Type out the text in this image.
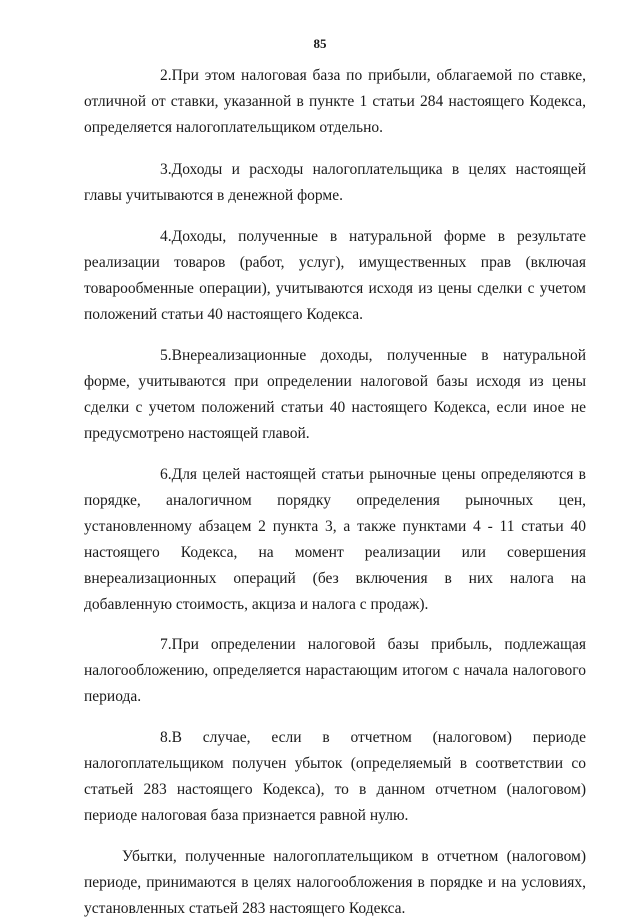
85

2.При этом налоговая база по прибыли, облагаемой по ставке, отличной от ставки, указанной в пункте 1 статьи 284 настоящего Кодекса, определяется налогоплательщиком отдельно.

3.Доходы и расходы налогоплательщика в целях настоящей главы учитываются в денежной форме.

4.Доходы, полученные в натуральной форме в результате реализации товаров (работ, услуг), имущественных прав (включая товарообменные операции), учитываются исходя из цены сделки с учетом положений статьи 40 настоящего Кодекса.

5.Внереализационные доходы, полученные в натуральной форме, учитываются при определении налоговой базы исходя из цены сделки с учетом положений статьи 40 настоящего Кодекса, если иное не предусмотрено настоящей главой.

6.Для целей настоящей статьи рыночные цены определяются в порядке, аналогичном порядку определения рыночных цен, установленному абзацем 2 пункта 3, а также пунктами 4 - 11 статьи 40 настоящего Кодекса, на момент реализации или совершения внереализационных операций (без включения в них налога на добавленную стоимость, акциза и налога с продаж).

7.При определении налоговой базы прибыль, подлежащая налогообложению, определяется нарастающим итогом с начала налогового периода.

8.В случае, если в отчетном (налоговом) периоде налогоплательщиком получен убыток (определяемый в соответствии со статьей 283 настоящего Кодекса), то в данном отчетном (налоговом) периоде налоговая база признается равной нулю.

Убытки, полученные налогоплательщиком в отчетном (налоговом) периоде, принимаются в целях налогообложения в порядке и на условиях, установленных статьей 283 настоящего Кодекса.
